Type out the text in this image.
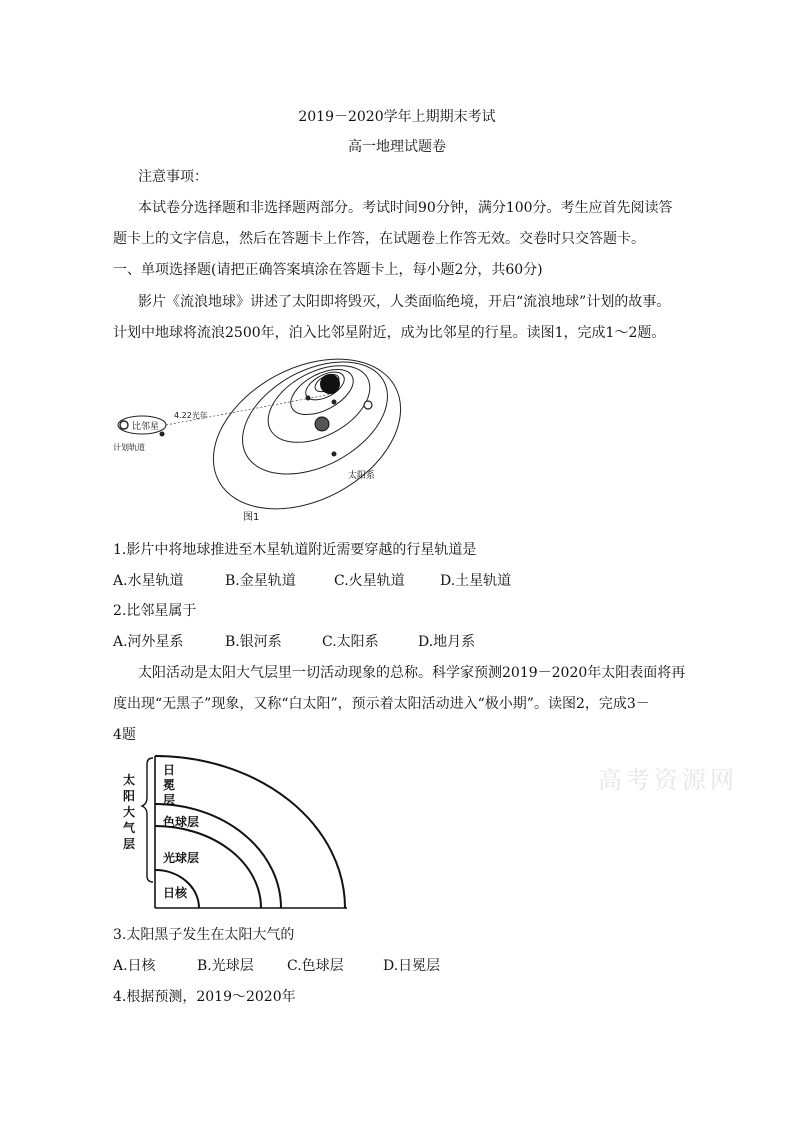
2019－2020学年上期期末考试
高一地理试题卷
注意事项：
本试卷分选择题和非选择题两部分。考试时间90分钟，满分100分。考生应首先阅读答
题卡上的文字信息，然后在答题卡上作答，在试题卷上作答无效。交卷时只交答题卡。
一、单项选择题(请把正确答案填涂在答题卡上，每小题2分，共60分)
影片《流浪地球》讲述了太阳即将毁灭，人类面临绝境，开启“流浪地球”计划的故事。
计划中地球将流浪2500年，泊入比邻星附近，成为比邻星的行星。读图1，完成1～2题。
比邻星
计划轨道
4.22光年
太阳系
图1
1.影片中将地球推进至木星轨道附近需要穿越的行星轨道是
A.水星轨道	B.金星轨道	C.火星轨道	D.土星轨道
2.比邻星属于
A.河外星系	B.银河系	C.太阳系	D.地月系
太阳活动是太阳大气层里一切活动现象的总称。科学家预测2019－2020年太阳表面将再
度出现“无黑子”现象，又称“白太阳”，预示着太阳活动进入“极小期”。读图2，完成3－
4题
太
阳
大
气
层
日
冕
层
色球层
光球层
日核
高考资源网
3.太阳黑子发生在太阳大气的
A.日核	B.光球层 C.色球层	D.日冕层
4.根据预测，2019～2020年
